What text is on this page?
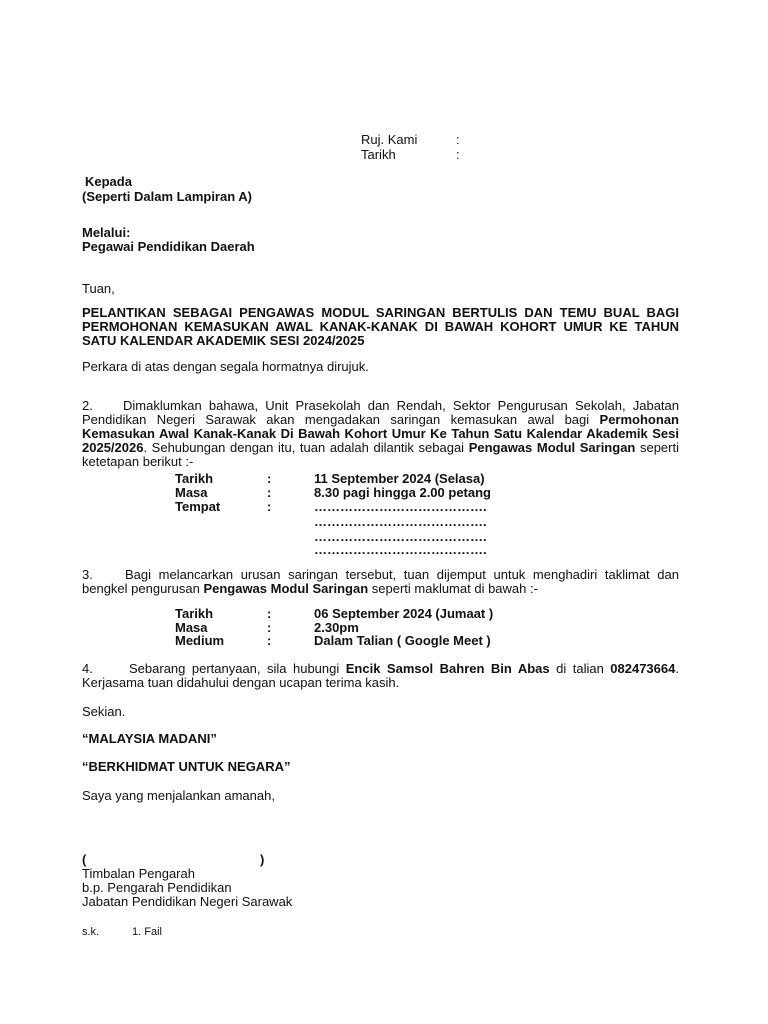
Ruj. Kami	:
Tarikh	:
Kepada
(Seperti Dalam Lampiran A)
Melalui:
Pegawai Pendidikan Daerah
Tuan,
PELANTIKAN SEBAGAI PENGAWAS MODUL SARINGAN BERTULIS DAN TEMU BUAL BAGI
PERMOHONAN KEMASUKAN AWAL KANAK-KANAK DI BAWAH KOHORT UMUR KE TAHUN
SATU KALENDAR AKADEMIK SESI 2024/2025
Perkara di atas dengan segala hormatnya dirujuk.
2. Dimaklumkan bahawa, Unit Prasekolah dan Rendah, Sektor Pengurusan Sekolah, Jabatan Pendidikan Negeri Sarawak akan mengadakan saringan kemasukan awal bagi Permohonan Kemasukan Awal Kanak-Kanak Di Bawah Kohort Umur Ke Tahun Satu Kalendar Akademik Sesi 2025/2026. Sehubungan dengan itu, tuan adalah dilantik sebagai Pengawas Modul Saringan seperti ketetapan berikut :-
Tarikh	:	11 September 2024 (Selasa)
Masa	:	8.30 pagi hingga 2.00 petang
Tempat	:	………………………………….
………………………………….
………………………………….
………………………………….
3. Bagi melancarkan urusan saringan tersebut, tuan dijemput untuk menghadiri taklimat dan bengkel pengurusan Pengawas Modul Saringan seperti maklumat di bawah :-
Tarikh	:	06 September 2024 (Jumaat )
Masa	:	2.30pm
Medium	:	Dalam Talian ( Google Meet )
4.	Sebarang pertanyaan, sila hubungi Encik Samsol Bahren Bin Abas di talian 082473664. Kerjasama tuan didahului dengan ucapan terima kasih.
Sekian.
“MALAYSIA MADANI”
“BERKHIDMAT UNTUK NEGARA”
Saya yang menjalankan amanah,
(	)
Timbalan Pengarah
b.p. Pengarah Pendidikan
Jabatan Pendidikan Negeri Sarawak
s.k.	1. Fail
